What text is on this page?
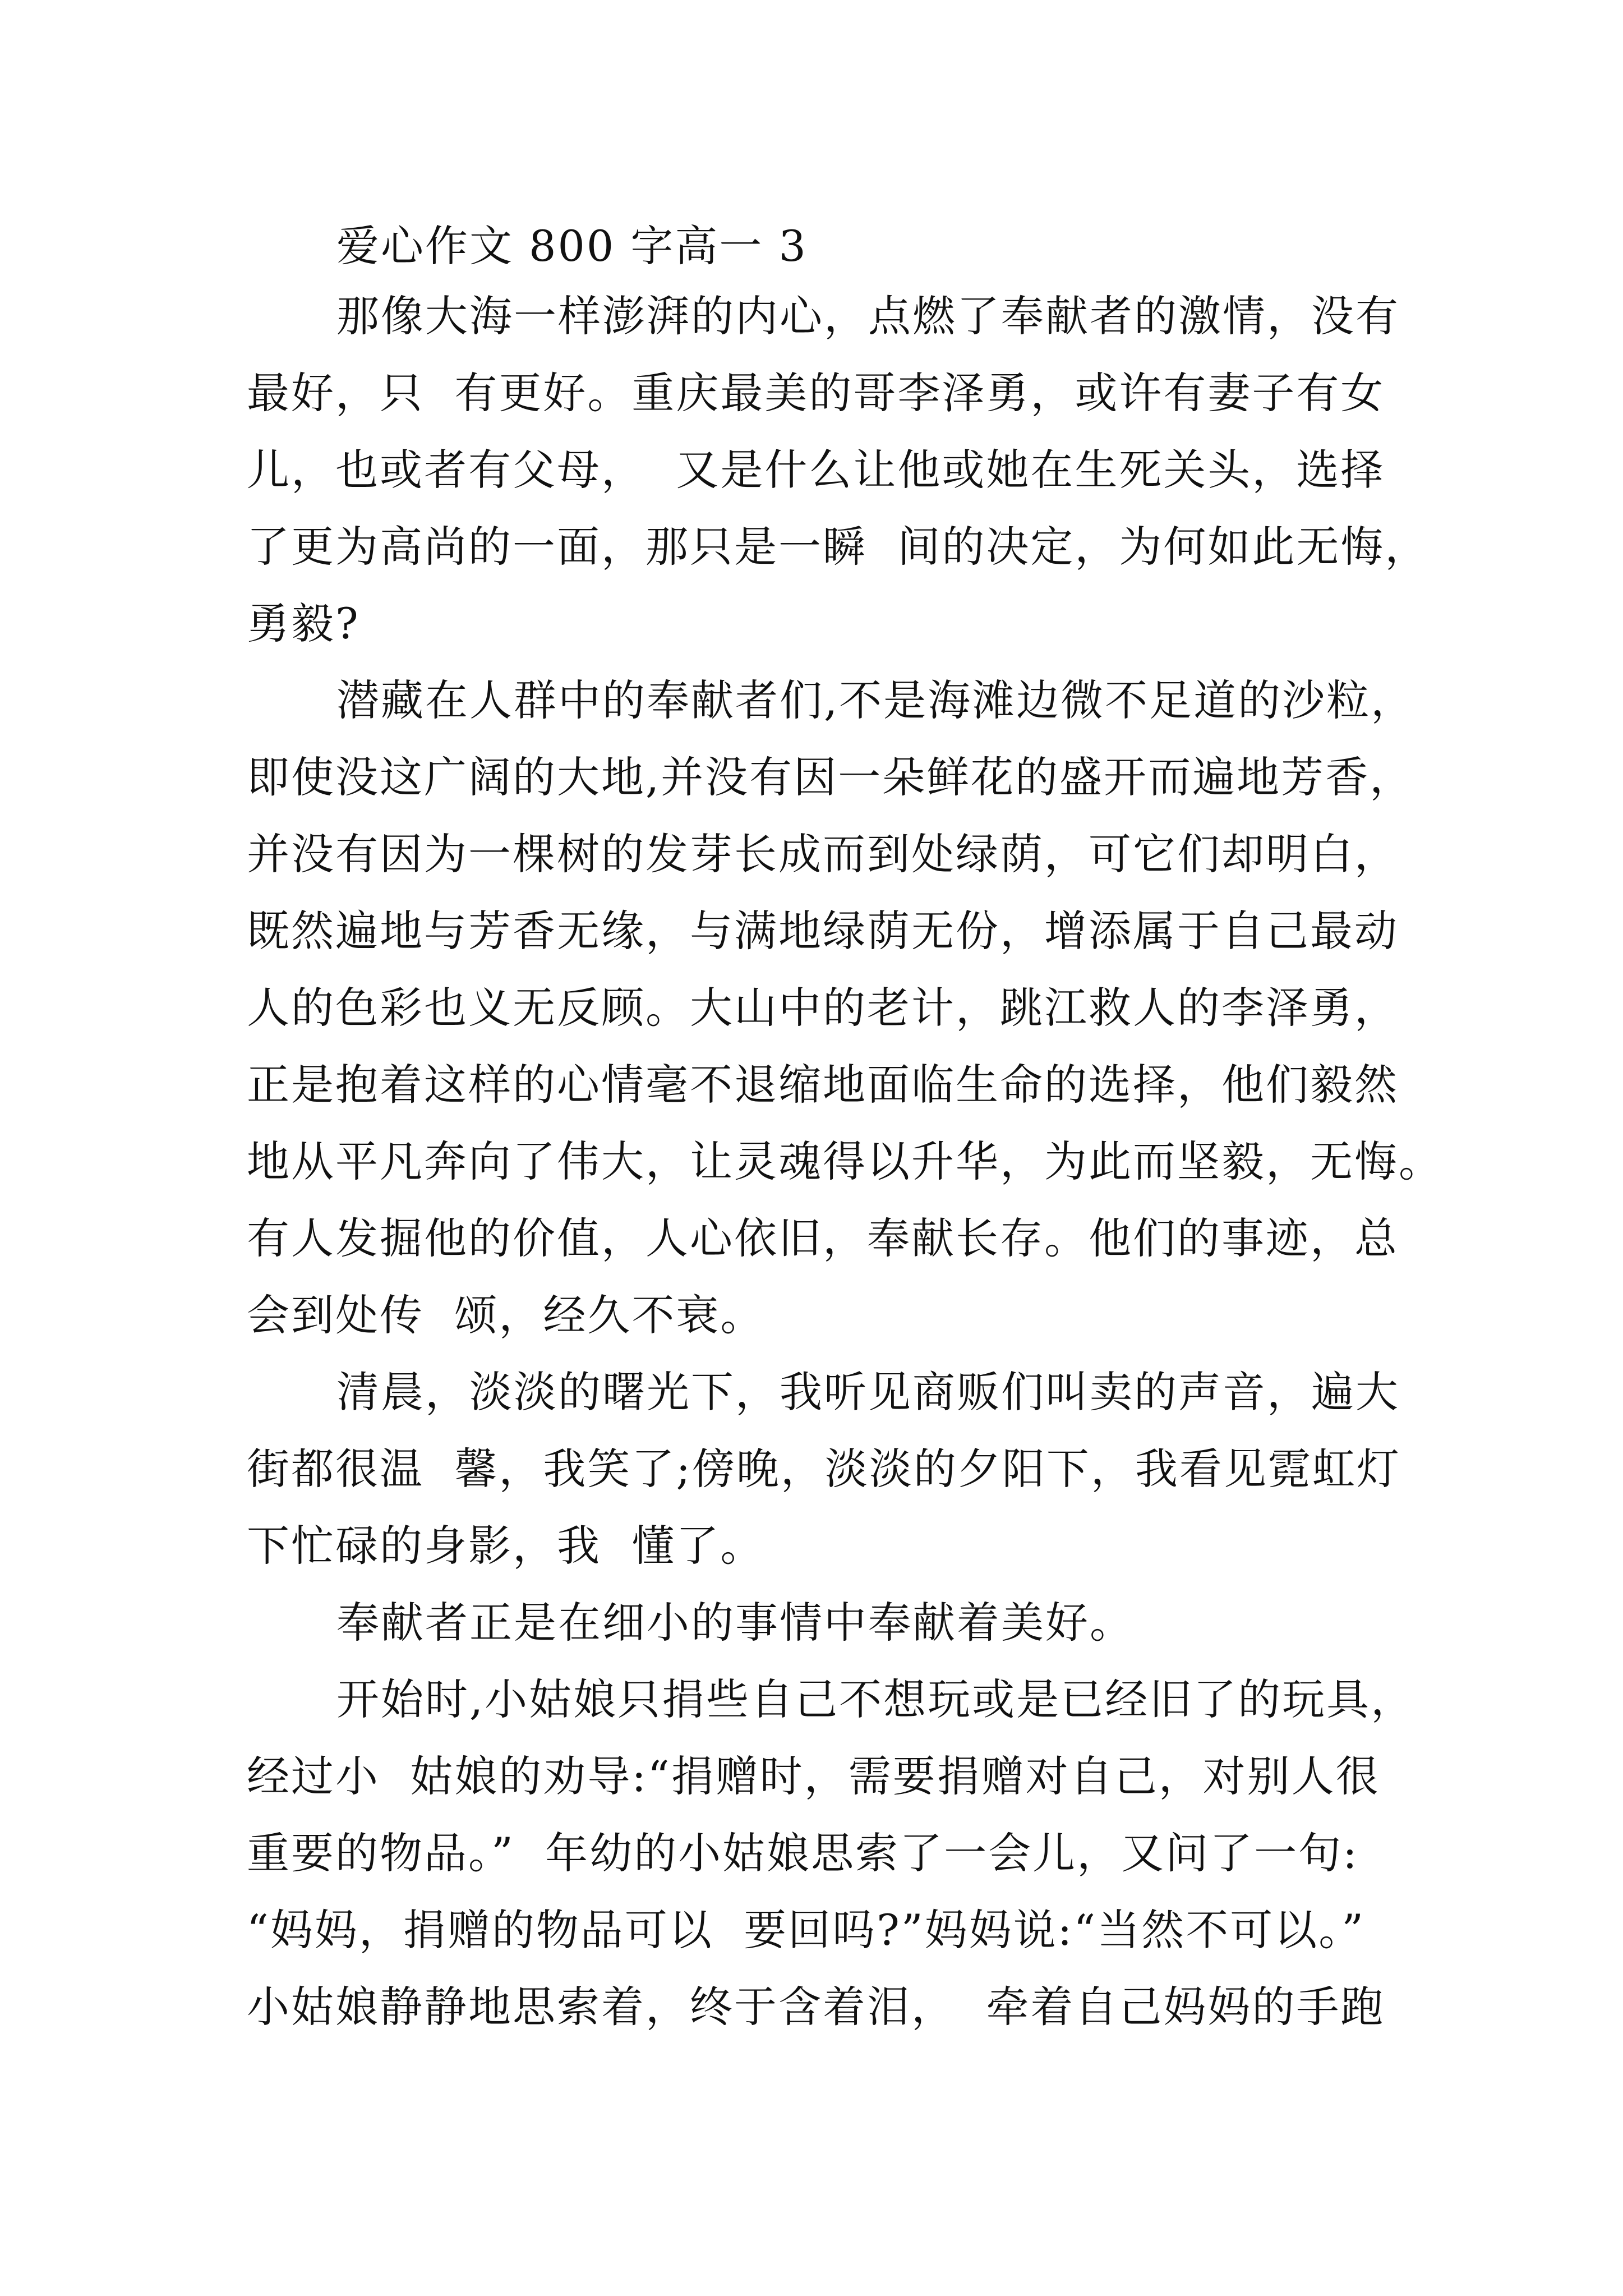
爱心作文 800 字高一 3
那像大海一样澎湃的内心，点燃了奉献者的激情，没有
最好，只  有更好。重庆最美的哥李泽勇，或许有妻子有女
儿，也或者有父母，  又是什么让他或她在生死关头，选择
了更为高尚的一面，那只是一瞬  间的决定，为何如此无悔，
勇毅?
潜藏在人群中的奉献者们,不是海滩边微不足道的沙粒，
即使没这广阔的大地,并没有因一朵鲜花的盛开而遍地芳香，
并没有因为一棵树的发芽长成而到处绿荫，可它们却明白，
既然遍地与芳香无缘，与满地绿荫无份，增添属于自己最动
人的色彩也义无反顾。大山中的老计，跳江救人的李泽勇，
正是抱着这样的心情毫不退缩地面临生命的选择，他们毅然
地从平凡奔向了伟大，让灵魂得以升华，为此而坚毅，无悔。
有人发掘他的价值，人心依旧，奉献长存。他们的事迹，总
会到处传  颂，经久不衰。
清晨，淡淡的曙光下，我听见商贩们叫卖的声音，遍大
街都很温  馨，我笑了;傍晚，淡淡的夕阳下，我看见霓虹灯
下忙碌的身影，我  懂了。
奉献者正是在细小的事情中奉献着美好。
开始时,小姑娘只捐些自己不想玩或是已经旧了的玩具，
经过小  姑娘的劝导:“捐赠时，需要捐赠对自己，对别人很
重要的物品。”  年幼的小姑娘思索了一会儿，又问了一句:
“妈妈，捐赠的物品可以  要回吗?”妈妈说:“当然不可以。”
小姑娘静静地思索着，终于含着泪，  牵着自己妈妈的手跑
